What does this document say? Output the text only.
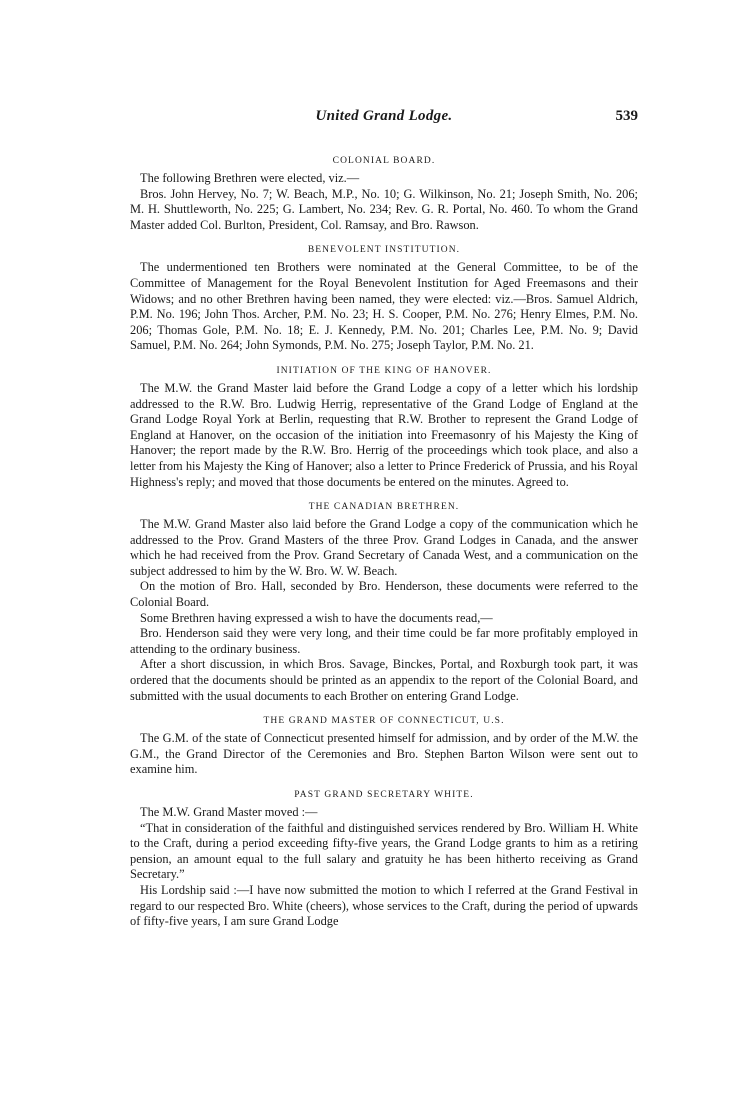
United Grand Lodge.	539
COLONIAL BOARD.

The following Brethren were elected, viz.—

Bros. John Hervey, No. 7; W. Beach, M.P., No. 10; G. Wilkinson, No. 21; Joseph Smith, No. 206; M. H. Shuttleworth, No. 225; G. Lambert, No. 234; Rev. G. R. Portal, No. 460. To whom the Grand Master added Col. Burlton, President, Col. Ramsay, and Bro. Rawson.

BENEVOLENT INSTITUTION.

The undermentioned ten Brothers were nominated at the General Committee, to be of the Committee of Management for the Royal Benevolent Institution for Aged Freemasons and their Widows; and no other Brethren having been named, they were elected: viz.—Bros. Samuel Aldrich, P.M. No. 196; John Thos. Archer, P.M. No. 23; H. S. Cooper, P.M. No. 276; Henry Elmes, P.M. No. 206; Thomas Gole, P.M. No. 18; E. J. Kennedy, P.M. No. 201; Charles Lee, P.M. No. 9; David Samuel, P.M. No. 264; John Symonds, P.M. No. 275; Joseph Taylor, P.M. No. 21.

INITIATION OF THE KING OF HANOVER.

The M.W. the Grand Master laid before the Grand Lodge a copy of a letter which his lordship addressed to the R.W. Bro. Ludwig Herrig, representative of the Grand Lodge of England at the Grand Lodge Royal York at Berlin, requesting that R.W. Brother to represent the Grand Lodge of England at Hanover, on the occasion of the initiation into Freemasonry of his Majesty the King of Hanover; the report made by the R.W. Bro. Herrig of the proceedings which took place, and also a letter from his Majesty the King of Hanover; also a letter to Prince Frederick of Prussia, and his Royal Highness's reply; and moved that those documents be entered on the minutes. Agreed to.

THE CANADIAN BRETHREN.

The M.W. Grand Master also laid before the Grand Lodge a copy of the communication which he addressed to the Prov. Grand Masters of the three Prov. Grand Lodges in Canada, and the answer which he had received from the Prov. Grand Secretary of Canada West, and a communication on the subject addressed to him by the W. Bro. W. W. Beach.

On the motion of Bro. Hall, seconded by Bro. Henderson, these documents were referred to the Colonial Board.

Some Brethren having expressed a wish to have the documents read,—

Bro. Henderson said they were very long, and their time could be far more profitably employed in attending to the ordinary business.

After a short discussion, in which Bros. Savage, Binckes, Portal, and Roxburgh took part, it was ordered that the documents should be printed as an appendix to the report of the Colonial Board, and submitted with the usual documents to each Brother on entering Grand Lodge.

THE GRAND MASTER OF CONNECTICUT, U.S.

The G.M. of the state of Connecticut presented himself for admission, and by order of the M.W. the G.M., the Grand Director of the Ceremonies and Bro. Stephen Barton Wilson were sent out to examine him.

PAST GRAND SECRETARY WHITE.

The M.W. Grand Master moved :—

“That in consideration of the faithful and distinguished services rendered by Bro. William H. White to the Craft, during a period exceeding fifty-five years, the Grand Lodge grants to him as a retiring pension, an amount equal to the full salary and gratuity he has been hitherto receiving as Grand Secretary.”

His Lordship said :—I have now submitted the motion to which I referred at the Grand Festival in regard to our respected Bro. White (cheers), whose services to the Craft, during the period of upwards of fifty-five years, I am sure Grand Lodge
